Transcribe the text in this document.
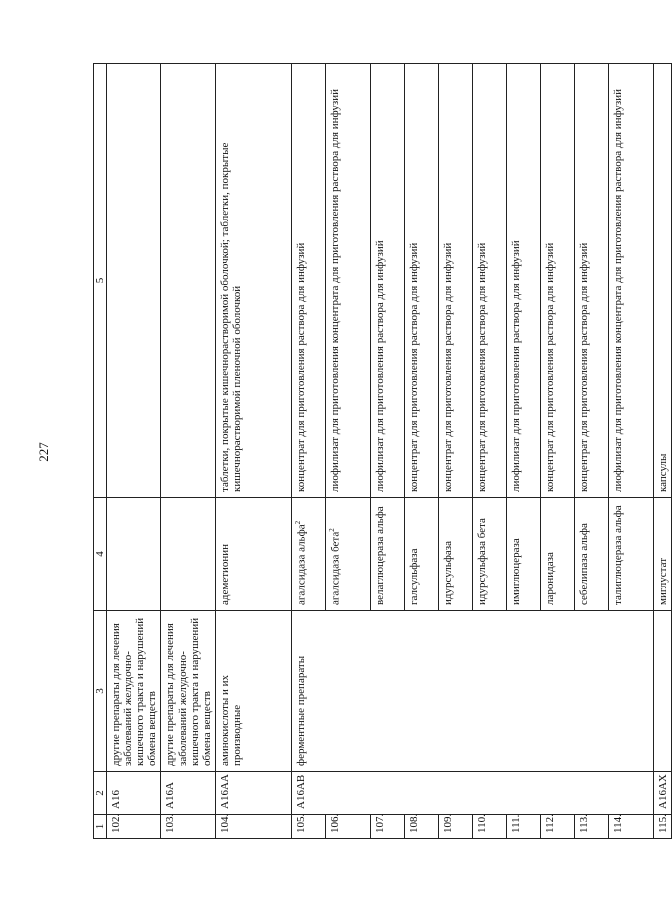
227
1	2	3	4	5
102.	A16	другие препараты для лечения заболеваний желудочно-кишечного тракта и нарушений обмена веществ		
103.	A16A	другие препараты для лечения заболеваний желудочно-кишечного тракта и нарушений обмена веществ		
104.	A16AA	аминокислоты и их производные	адеметионин	таблетки, покрытые кишечнорастворимой оболочкой; таблетки, покрытые кишечнорастворимой пленочной оболочкой
105.	A16AB	ферментные препараты	агалсидаза альфа$^2$	концентрат для приготовления раствора для инфузий
106.			агалсидаза бета$^2$	лиофилизат для приготовления концентрата для приготовления раствора для инфузий
107.			велаглюцераза альфа	лиофилизат для приготовления раствора для инфузий
108.			галсульфаза	концентрат для приготовления раствора для инфузий
109.			идурсульфаза	концентрат для приготовления раствора для инфузий
110.			идурсульфаза бета	концентрат для приготовления раствора для инфузий
111.			имиглюцераза	лиофилизат для приготовления раствора для инфузий
112.			ларонидаза	концентрат для приготовления раствора для инфузий
113.			себелипаза альфа	концентрат для приготовления раствора для инфузий
114.			талиглюцераза альфа	лиофилизат для приготовления концентрата для приготовления раствора для инфузий
115.	A16AX		миглустат	капсулы
